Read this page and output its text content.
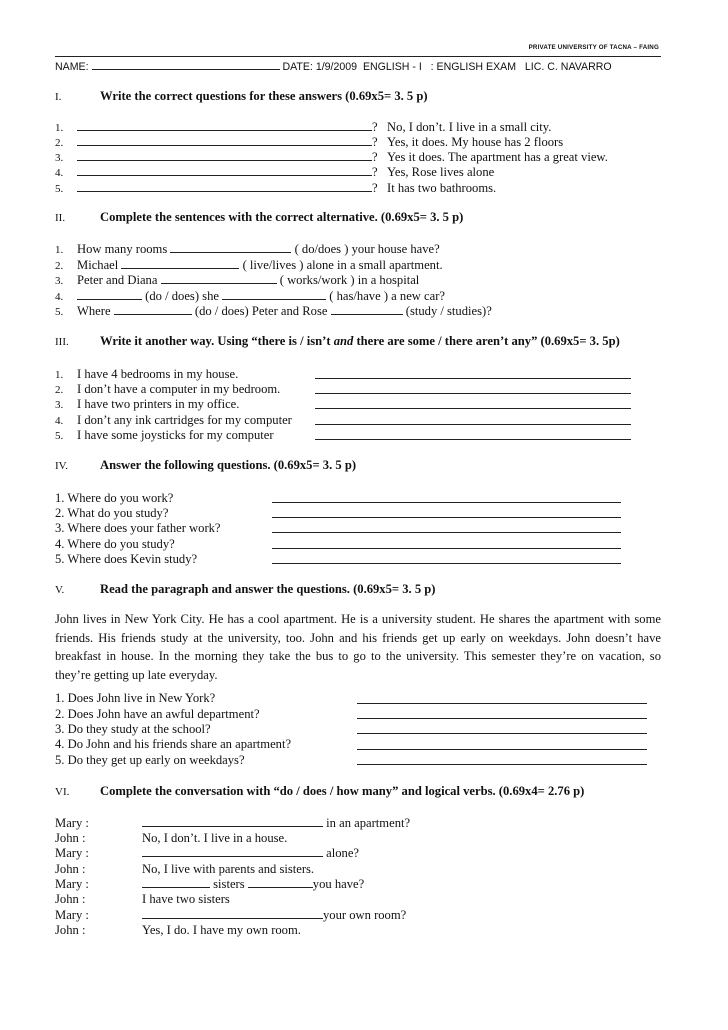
PRIVATE UNIVERSITY OF TACNA – FAING
NAME:	DATE: 1/9/2009 ENGLISH - I : ENGLISH EXAM LIC. C. NAVARRO
I.	Write the correct questions for these answers (0.69x5= 3. 5 p)
1.	?   No, I don’t. I live in a small city.
2.	?   Yes, it does. My house has 2 floors
3.	?   Yes it does. The apartment has a great view.
4.	?   Yes, Rose lives alone
5.	?   It has two bathrooms.
II.	Complete the sentences with the correct alternative. (0.69x5= 3. 5 p)
1. How many rooms	( do/does ) your house have?
2. Michael	( live/lives ) alone in a small apartment.
3. Peter and Diana	( works/work ) in a hospital
4.	(do / does) she	( has/have ) a new car?
5. Where	(do / does) Peter and Rose	(study / studies)?
III. Write it another way. Using “there is / isn’t and there are some / there aren’t any” (0.69x5= 3. 5p)
1. I have 4 bedrooms in my house.
2. I don’t have a computer in my bedroom.
3. I have two printers in my office.
4. I don’t any ink cartridges for my computer
5. I have some joysticks for my computer
IV.	Answer the following questions. (0.69x5= 3. 5 p)
1. Where do you work?
2. What do you study?
3. Where does your father work?
4. Where do you study?
5. Where does Kevin study?
V.	Read the paragraph and answer the questions. (0.69x5= 3. 5 p)
John lives in New York City. He has a cool apartment. He is a university student. He shares the apartment with some friends. His friends study at the university, too. John and his friends get up early on weekdays. John doesn’t have breakfast in house. In the morning they take the bus to go to the university. This semester they’re on vacation, so they’re getting up late everyday.
1. Does John live in New York?
2. Does John have an awful department?
3. Do they study at the school?
4. Do John and his friends share an apartment?
5. Do they get up early on weekdays?
VI. Complete the conversation with “do / does / how many” and logical verbs. (0.69x4= 2.76 p)
Mary :	in an apartment?
John :	No, I don’t. I live in a house.
Mary :	alone?
John :	No, I live with parents and sisters.
Mary :	sisters	you have?
John :	I have two sisters
Mary :	your own room?
John :	Yes, I do. I have my own room.
